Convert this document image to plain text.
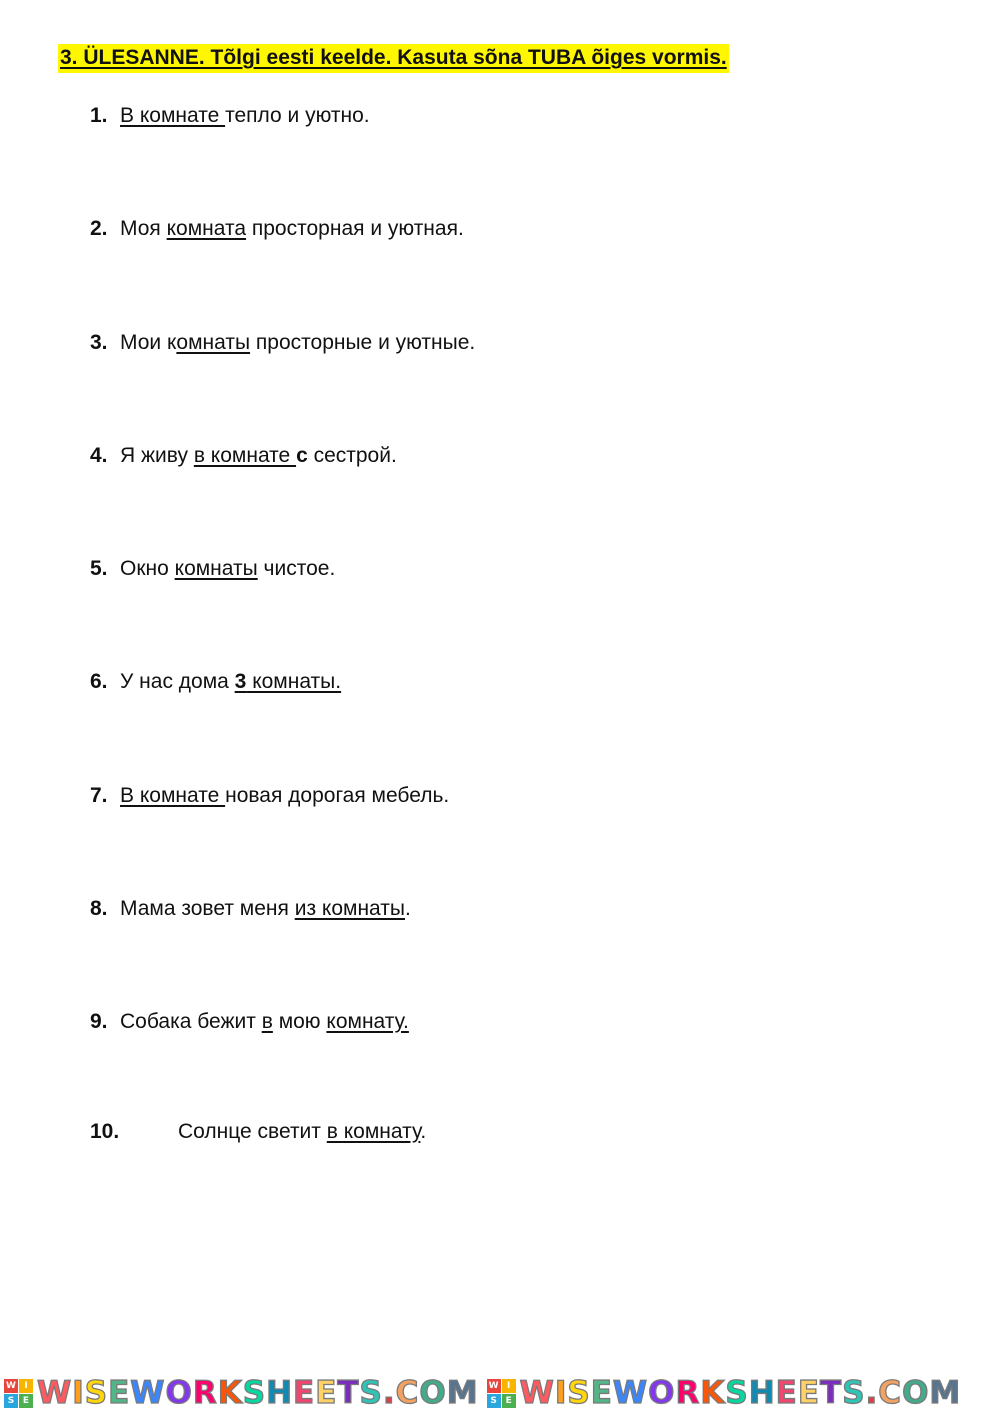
3. ÜLESANNE. Tõlgi eesti keelde. Kasuta sõna TUBA õiges vormis.
1. В комнате тепло и уютно.
2. Моя комната просторная и уютная.
3. Мои комнаты просторные и уютные.
4. Я живу в комнате с сестрой.
5. Окно комнаты чистое.
6. У нас дома 3 комнаты.
7. В комнате новая дорогая мебель.
8. Мама зовет меня из комнаты.
9. Собака бежит в мою комнату.
10.	Солнце светит в комнату.
W I
S E WISEWORKSHEETS.COM W I
S E WISEWORKSHEETS.COM
